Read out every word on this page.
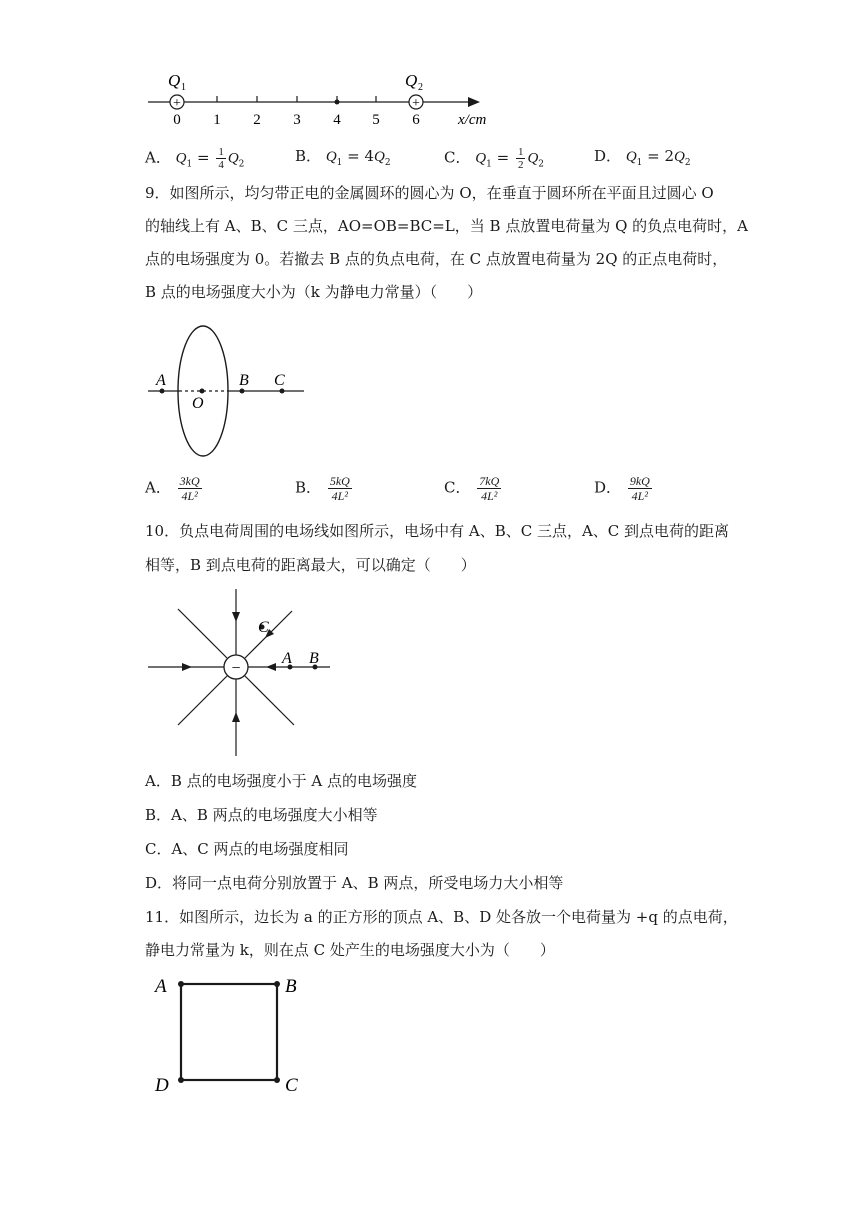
+	+
Q 1	Q 2
0 1 2 3 4 5 6	x/cm
A． $Q_1 = \frac{1}{4} Q_2$	B． $Q_1 = 4Q_2$	C． $Q_1 = \frac{1}{2} Q_2$	D． $Q_1 = 2Q_2$
9．如图所示，均匀带正电的金属圆环的圆心为 O，在垂直于圆环所在平面且过圆心 O
的轴线上有 A、B、C 三点，AO=OB=BC=L，当 B 点放置电荷量为 Q 的负点电荷时，A
点的电场强度为 0。若撤去 B 点的负点电荷，在 C 点放置电荷量为 2Q 的正点电荷时，
B 点的电场强度大小为（k 为静电力常量）（　　）
A
O
B C
A． $\frac{3kQ}{\text{4L²}}$	B． $\frac{5kQ}{\text{4L²}}$	C． $\frac{7kQ}{\text{4L²}}$	D． $\frac{9kQ}{\text{4L²}}$
10．负点电荷周围的电场线如图所示，电场中有 A、B、C 三点，A、C 到点电荷的距离
相等，B 到点电荷的距离最大，可以确定（　　）
−
C
A B
A．B 点的电场强度小于 A 点的电场强度
B．A、B 两点的电场强度大小相等
C．A、C 两点的电场强度相同
D．将同一点电荷分别放置于 A、B 两点，所受电场力大小相等
11．如图所示，边长为 a 的正方形的顶点 A、B、D 处各放一个电荷量为 +q 的点电荷，
静电力常量为 k，则在点 C 处产生的电场强度大小为（　　）
A	B
D	C
